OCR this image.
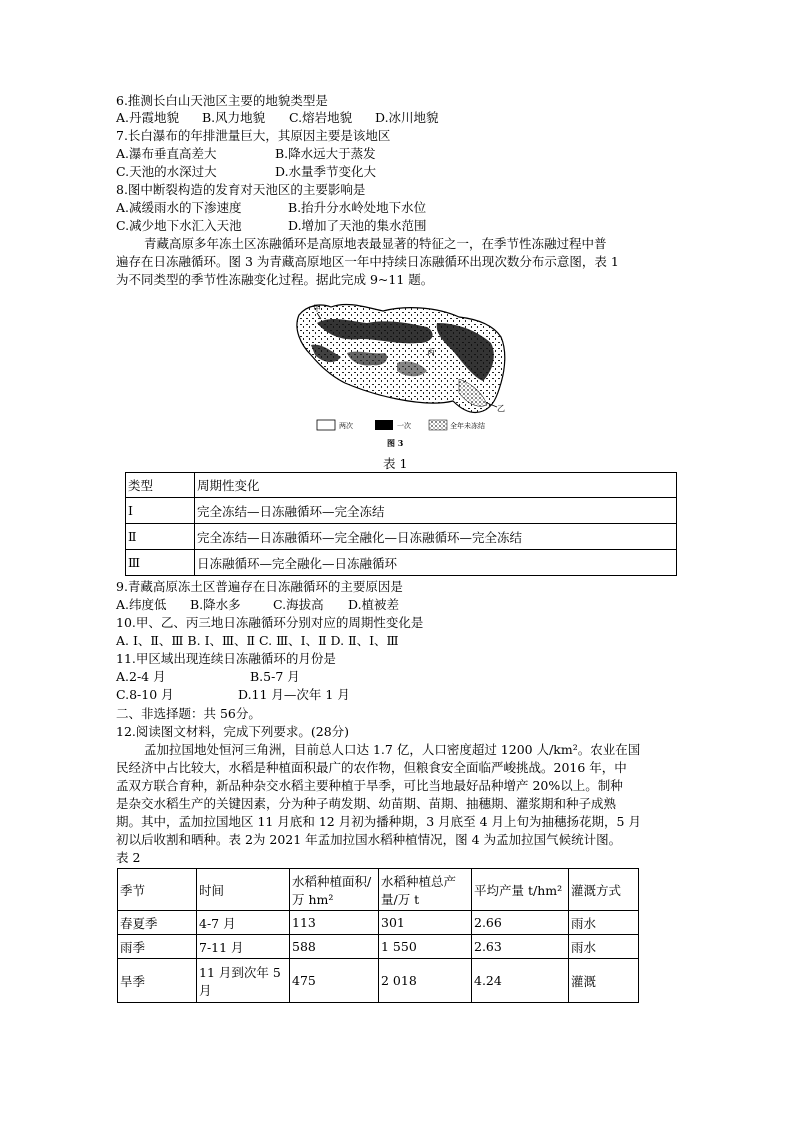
6.推测长白山天池区主要的地貌类型是
A.丹霞地貌 B.风力地貌 C.熔岩地貌 D.冰川地貌
7.长白瀑布的年排泄量巨大，其原因主要是该地区
A.瀑布垂直高差大	B.降水远大于蒸发
C.天池的水深过大	D.水量季节变化大
8.图中断裂构造的发育对天池区的主要影响是
A.减缓雨水的下渗速度	B.抬升分水岭处地下水位
C.减少地下水汇入天池	D.增加了天池的集水范围
青藏高原多年冻土区冻融循环是高原地表最显著的特征之一，在季节性冻融过程中普
遍存在日冻融循环。图 3 为青藏高原地区一年中持续日冻融循环出现次数分布示意图，表 1
为不同类型的季节性冻融变化过程。据此完成 9~11 题。
甲
丙
乙
两次	一次	全年未冻结
图 3
表 1
类型	周期性变化
Ⅰ	完全冻结—日冻融循环—完全冻结
Ⅱ	完全冻结—日冻融循环—完全融化—日冻融循环—完全冻结
Ⅲ	日冻融循环—完全融化—日冻融循环
9.青藏高原冻土区普遍存在日冻融循环的主要原因是
A.纬度低 B.降水多	C.海拔高 D.植被差
10.甲、乙、丙三地日冻融循环分别对应的周期性变化是
A. Ⅰ、Ⅱ、Ⅲ B. Ⅰ、Ⅲ、Ⅱ C. Ⅲ、Ⅰ、Ⅱ D. Ⅱ、Ⅰ、Ⅲ
11.甲区域出现连续日冻融循环的月份是
A.2-4 月	B.5-7 月
C.8-10 月	D.11 月—次年 1 月
二、非选择题：共 56分。
12.阅读图文材料，完成下列要求。(28分)
孟加拉国地处恒河三角洲，目前总人口达 1.7 亿，人口密度超过 1200 人/km²。农业在国
民经济中占比较大，水稻是种植面积最广的农作物，但粮食安全面临严峻挑战。2016 年，中
孟双方联合育种，新品种杂交水稻主要种植于旱季，可比当地最好品种增产 20%以上。制种
是杂交水稻生产的关键因素，分为种子萌发期、幼苗期、苗期、抽穗期、灌浆期和种子成熟
期。其中，孟加拉国地区 11 月底和 12 月初为播种期，3 月底至 4 月上旬为抽穗扬花期，5 月
初以后收割和晒种。表 2为 2021 年孟加拉国水稻种植情况，图 4 为孟加拉国气候统计图。
表 2
季节	时间	水稻种植面积/万 hm²	水稻种植总产量/万 t	平均产量 t/hm²	灌溉方式
春夏季	4-7 月	113	301	2.66	雨水
雨季	7-11 月	588	1 550	2.63	雨水
旱季	11 月到次年 5 月	475	2 018	4.24	灌溉
